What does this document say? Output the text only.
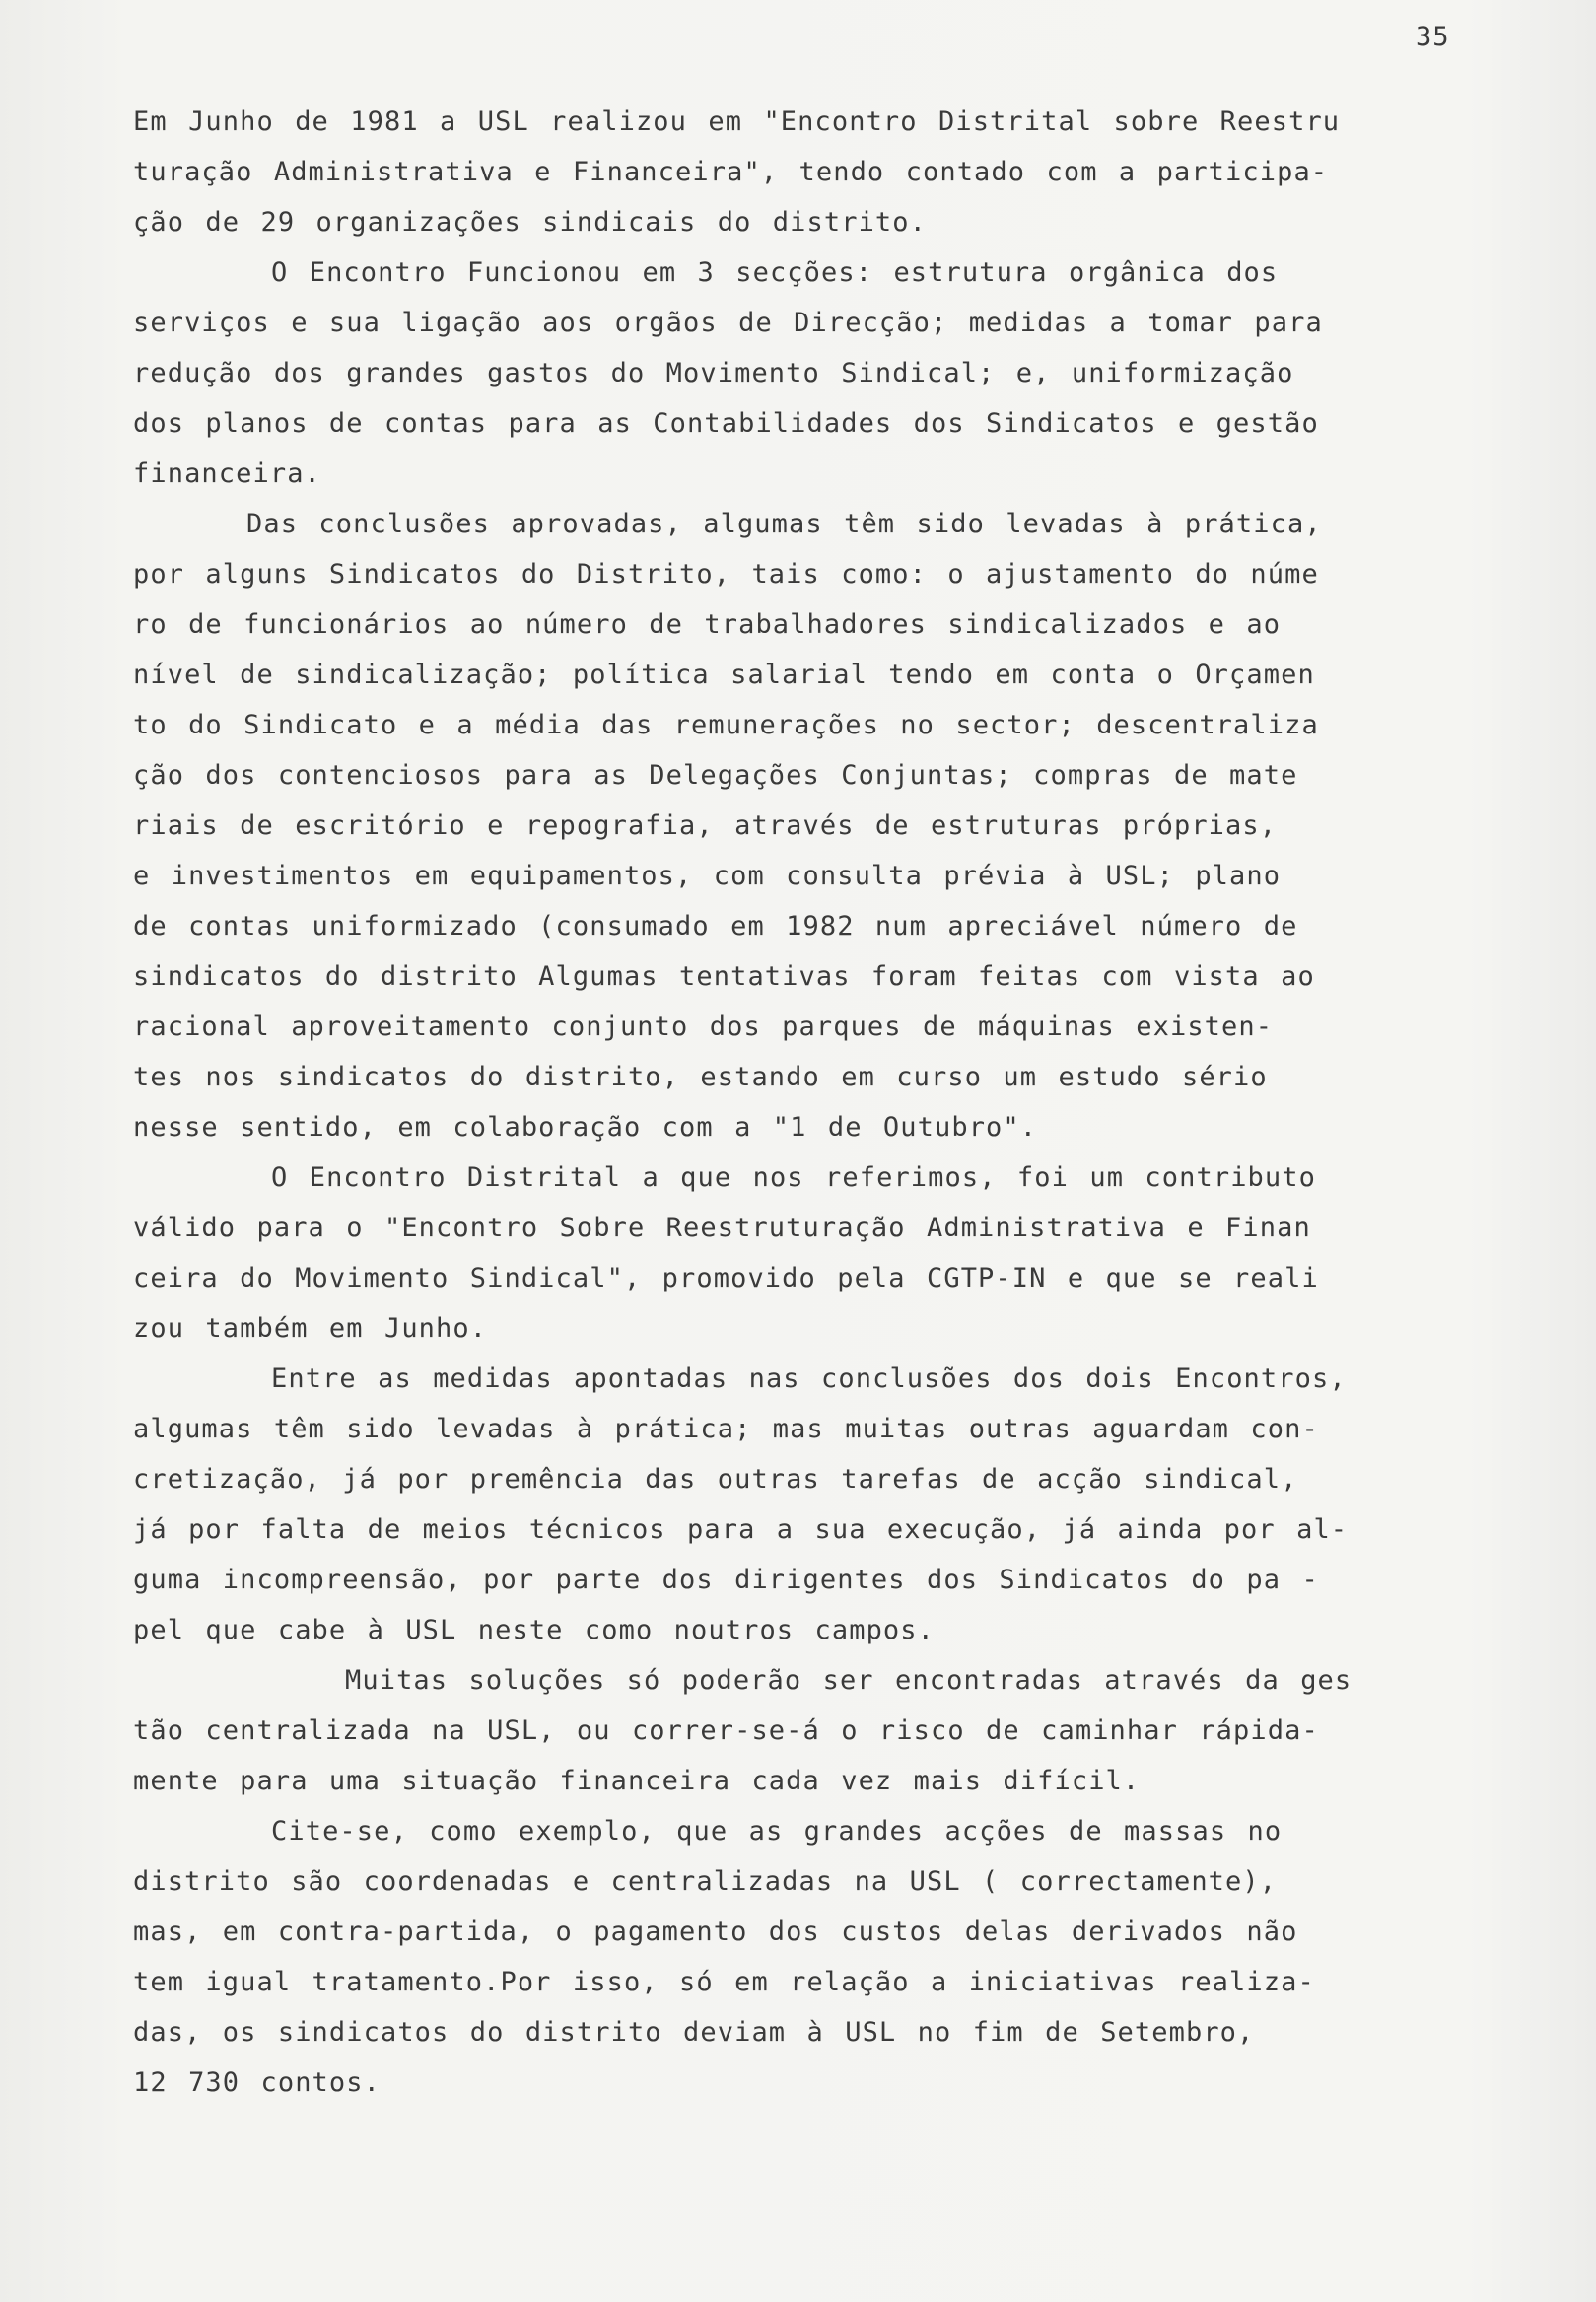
35
Em Junho de 1981 a USL realizou em "Encontro Distrital sobre Reestru
turação Administrativa e Financeira", tendo contado com a participa-
ção de 29 organizações sindicais do distrito.
O Encontro Funcionou em 3 secções: estrutura orgânica dos
serviços e sua ligação aos orgãos de Direcção; medidas a tomar para
redução dos grandes gastos do Movimento Sindical; e, uniformização
dos planos de contas para as Contabilidades dos Sindicatos e gestão
financeira.
Das conclusões aprovadas, algumas têm sido levadas à prática,
por alguns Sindicatos do Distrito, tais como: o ajustamento do núme
ro de funcionários ao número de trabalhadores sindicalizados e ao
nível de sindicalização; política salarial tendo em conta o Orçamen
to do Sindicato e a média das remunerações no sector; descentraliza
ção dos contenciosos para as Delegações Conjuntas; compras de mate
riais de escritório e repografia, através de estruturas próprias,
e investimentos em equipamentos, com consulta prévia à USL; plano
de contas uniformizado (consumado em 1982 num apreciável número de
sindicatos do distrito Algumas tentativas foram feitas com vista ao
racional aproveitamento conjunto dos parques de máquinas existen-
tes nos sindicatos do distrito, estando em curso um estudo sério
nesse sentido, em colaboração com a "1 de Outubro".
O Encontro Distrital a que nos referimos, foi um contributo
válido para o "Encontro Sobre Reestruturação Administrativa e Finan
ceira do Movimento Sindical", promovido pela CGTP-IN e que se reali
zou também em Junho.
Entre as medidas apontadas nas conclusões dos dois Encontros,
algumas têm sido levadas à prática; mas muitas outras aguardam con-
cretização, já por premência das outras tarefas de acção sindical,
já por falta de meios técnicos para a sua execução, já ainda por al-
guma incompreensão, por parte dos dirigentes dos Sindicatos do pa -
pel que cabe à USL neste como noutros campos.
Muitas soluções só poderão ser encontradas através da ges
tão centralizada na USL, ou correr-se-á o risco de caminhar rápida-
mente para uma situação financeira cada vez mais difícil.
Cite-se, como exemplo, que as grandes acções de massas no
distrito são coordenadas e centralizadas na USL ( correctamente),
mas, em contra-partida, o pagamento dos custos delas derivados não
tem igual tratamento.Por isso, só em relação a iniciativas realiza-
das, os sindicatos do distrito deviam à USL no fim de Setembro,
12 730 contos.
